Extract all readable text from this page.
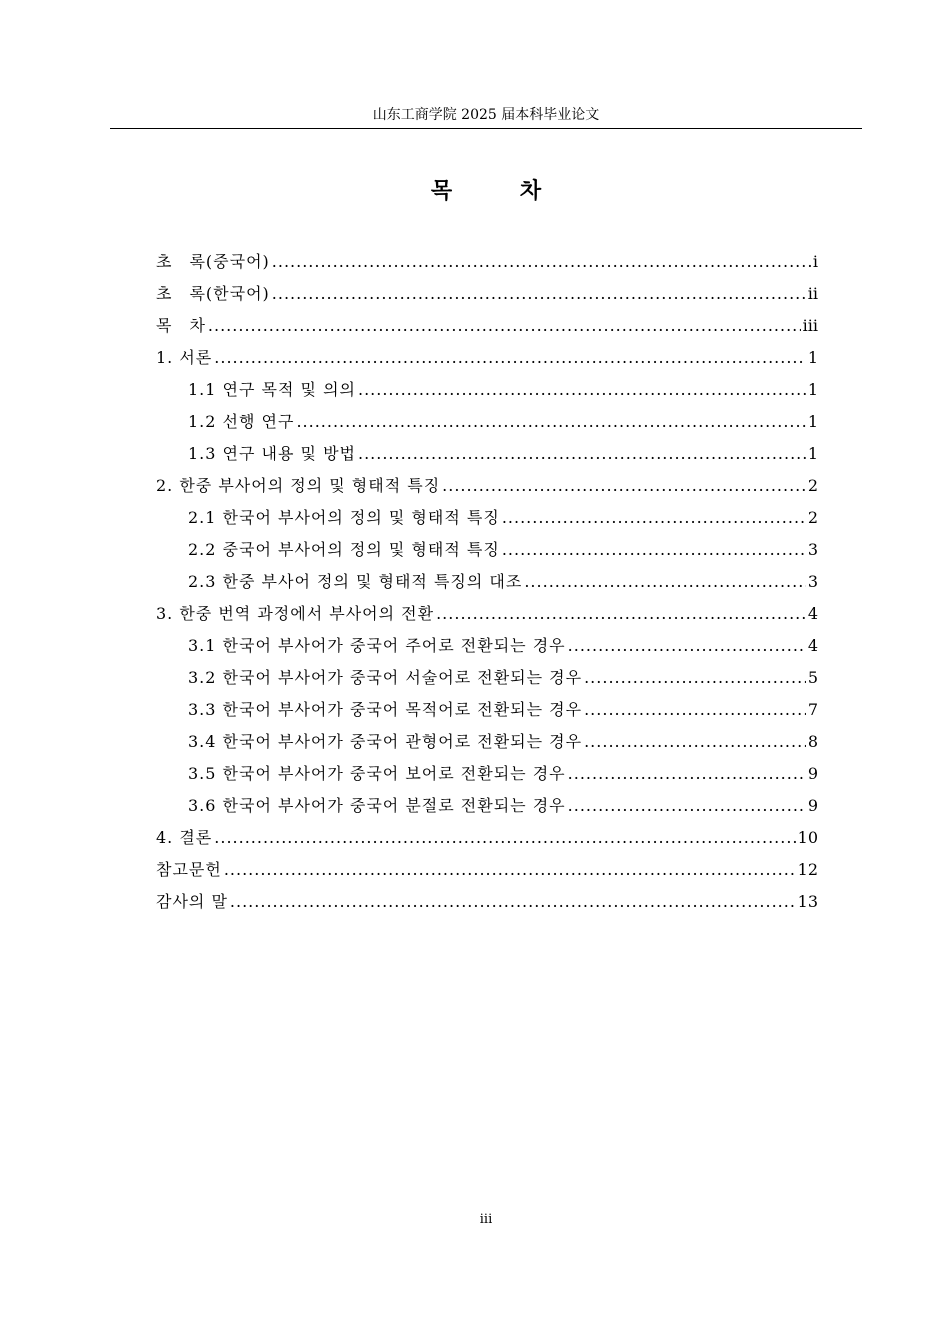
山东工商学院 2025 届本科毕业论文
목 차
초　록(중국어) .....	i
초　록(한국어) .....	ii
목　차 .....	iii
1. 서론 .....	1
1.1 연구 목적 및 의의 .....	1
1.2 선행 연구 .....	1
1.3 연구 내용 및 방법 .....	1
2. 한중 부사어의 정의 및 형태적 특징 .....	2
2.1 한국어 부사어의 정의 및 형태적 특징 .....	2
2.2 중국어 부사어의 정의 및 형태적 특징 .....	3
2.3 한중 부사어 정의 및 형태적 특징의 대조 .....	3
3. 한중 번역 과정에서 부사어의 전환 .....	4
3.1 한국어 부사어가 중국어 주어로 전환되는 경우 .....	4
3.2 한국어 부사어가 중국어 서술어로 전환되는 경우 .....	5
3.3 한국어 부사어가 중국어 목적어로 전환되는 경우 .....	7
3.4 한국어 부사어가 중국어 관형어로 전환되는 경우 .....	8
3.5 한국어 부사어가 중국어 보어로 전환되는 경우 .....	9
3.6 한국어 부사어가 중국어 분절로 전환되는 경우 .....	9
4. 결론 .....	10
참고문헌 .....	12
감사의 말 .....	13
iii
